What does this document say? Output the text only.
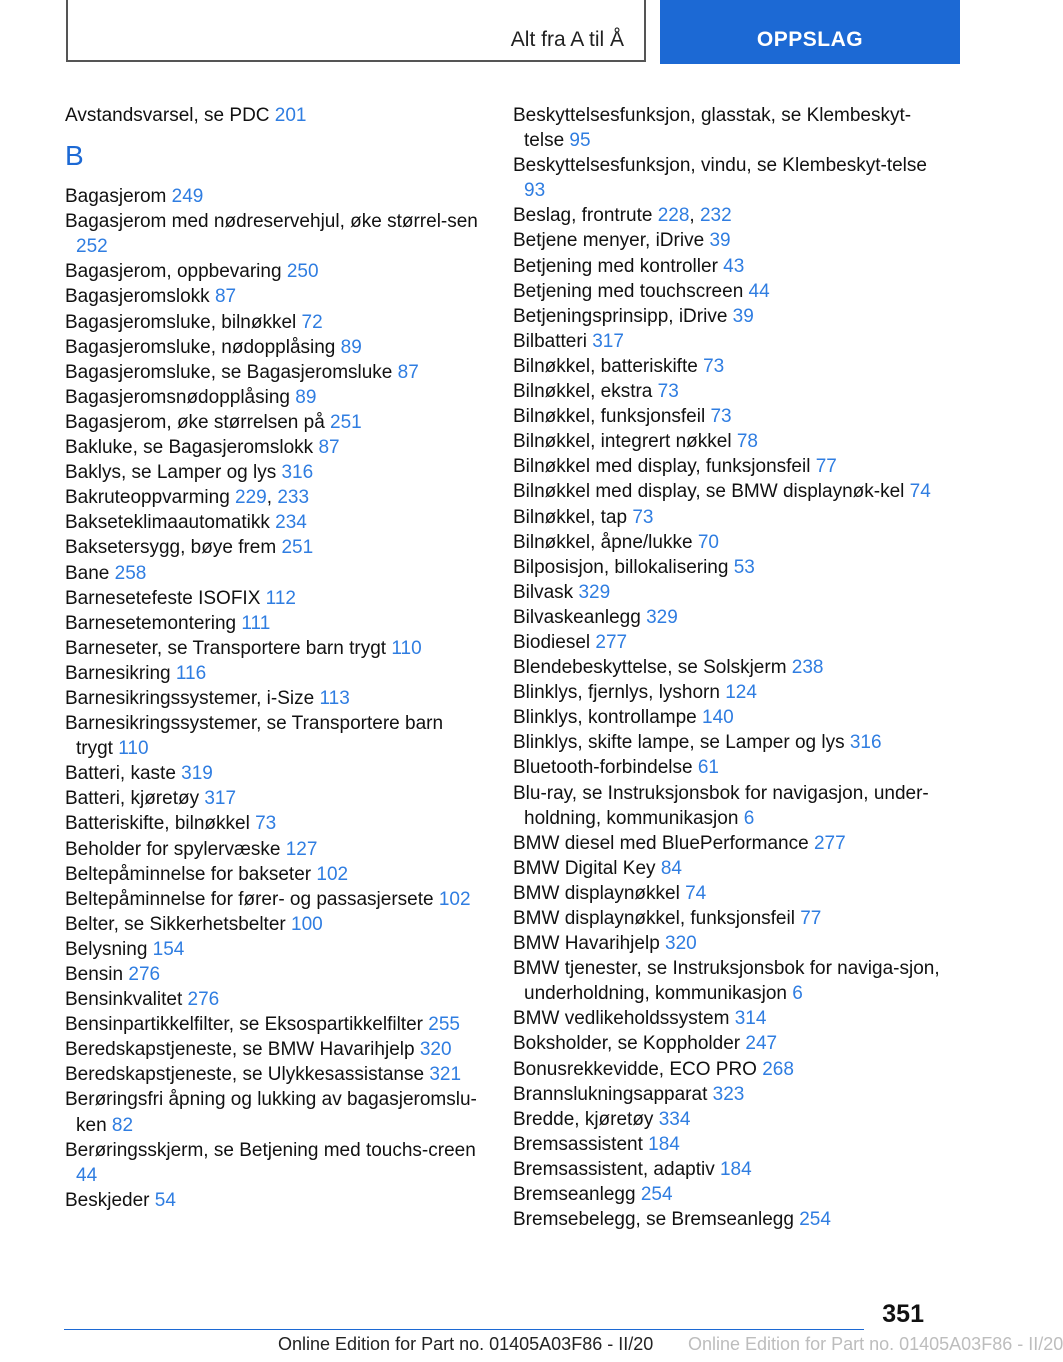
Alt fra A til Å	OPPSLAG

Avstandsvarsel, se PDC 201

B

Bagasjerom 249

Bagasjerom med nødreservehjul, øke størrel-sen 252

Bagasjerom, oppbevaring 250

Bagasjeromslokk 87

Bagasjeromsluke, bilnøkkel 72

Bagasjeromsluke, nødopplåsing 89

Bagasjeromsluke, se Bagasjeromsluke 87

Bagasjeromsnødopplåsing 89

Bagasjerom, øke størrelsen på 251

Bakluke, se Bagasjeromslokk 87

Baklys, se Lamper og lys 316

Bakruteoppvarming 229, 233

Bakseteklimaautomatikk 234

Baksetersygg, bøye frem 251

Bane 258

Barnesetefeste ISOFIX 112

Barnesetemontering 111

Barneseter, se Transportere barn trygt 110

Barnesikring 116

Barnesikringssystemer, i-Size 113

Barnesikringssystemer, se Transportere barn trygt 110

Batteri, kaste 319

Batteri, kjøretøy 317

Batteriskifte, bilnøkkel 73

Beholder for spylervæske 127

Beltepåminnelse for bakseter 102

Beltepåminnelse for fører- og passasjersete 102

Belter, se Sikkerhetsbelter 100

Belysning 154

Bensin 276

Bensinkvalitet 276

Bensinpartikkelfilter, se Eksospartikkelfilter 255

Beredskapstjeneste, se BMW Havarihjelp 320

Beredskapstjeneste, se Ulykkesassistanse 321

Berøringsfri åpning og lukking av bagasjeromslu-ken 82

Berøringsskjerm, se Betjening med touchs-creen 44

Beskjeder 54

Beskyttelsesfunksjon, glasstak, se Klembeskyt-telse 95

Beskyttelsesfunksjon, vindu, se Klembeskyt-telse 93

Beslag, frontrute 228, 232

Betjene menyer, iDrive 39

Betjening med kontroller 43

Betjening med touchscreen 44

Betjeningsprinsipp, iDrive 39

Bilbatteri 317

Bilnøkkel, batteriskifte 73

Bilnøkkel, ekstra 73

Bilnøkkel, funksjonsfeil 73

Bilnøkkel, integrert nøkkel 78

Bilnøkkel med display, funksjonsfeil 77

Bilnøkkel med display, se BMW displaynøk-kel 74

Bilnøkkel, tap 73

Bilnøkkel, åpne/lukke 70

Bilposisjon, billokalisering 53

Bilvask 329

Bilvaskeanlegg 329

Biodiesel 277

Blendebeskyttelse, se Solskjerm 238

Blinklys, fjernlys, lyshorn 124

Blinklys, kontrollampe 140

Blinklys, skifte lampe, se Lamper og lys 316

Bluetooth-forbindelse 61

Blu-ray, se Instruksjonsbok for navigasjon, under-holdning, kommunikasjon 6

BMW diesel med BluePerformance 277

BMW Digital Key 84

BMW displaynøkkel 74

BMW displaynøkkel, funksjonsfeil 77

BMW Havarihjelp 320

BMW tjenester, se Instruksjonsbok for naviga-sjon, underholdning, kommunikasjon 6

BMW vedlikeholdssystem 314

Boksholder, se Koppholder 247

Bonusrekkevidde, ECO PRO 268

Brannslukningsapparat 323

Bredde, kjøretøy 334

Bremsassistent 184

Bremsassistent, adaptiv 184

Bremseanlegg 254

Bremsebelegg, se Bremseanlegg 254

351
Online Edition for Part no. 01405A03F86 - II/20 Online Edition for Part no. 01405A03F86 - II/20
